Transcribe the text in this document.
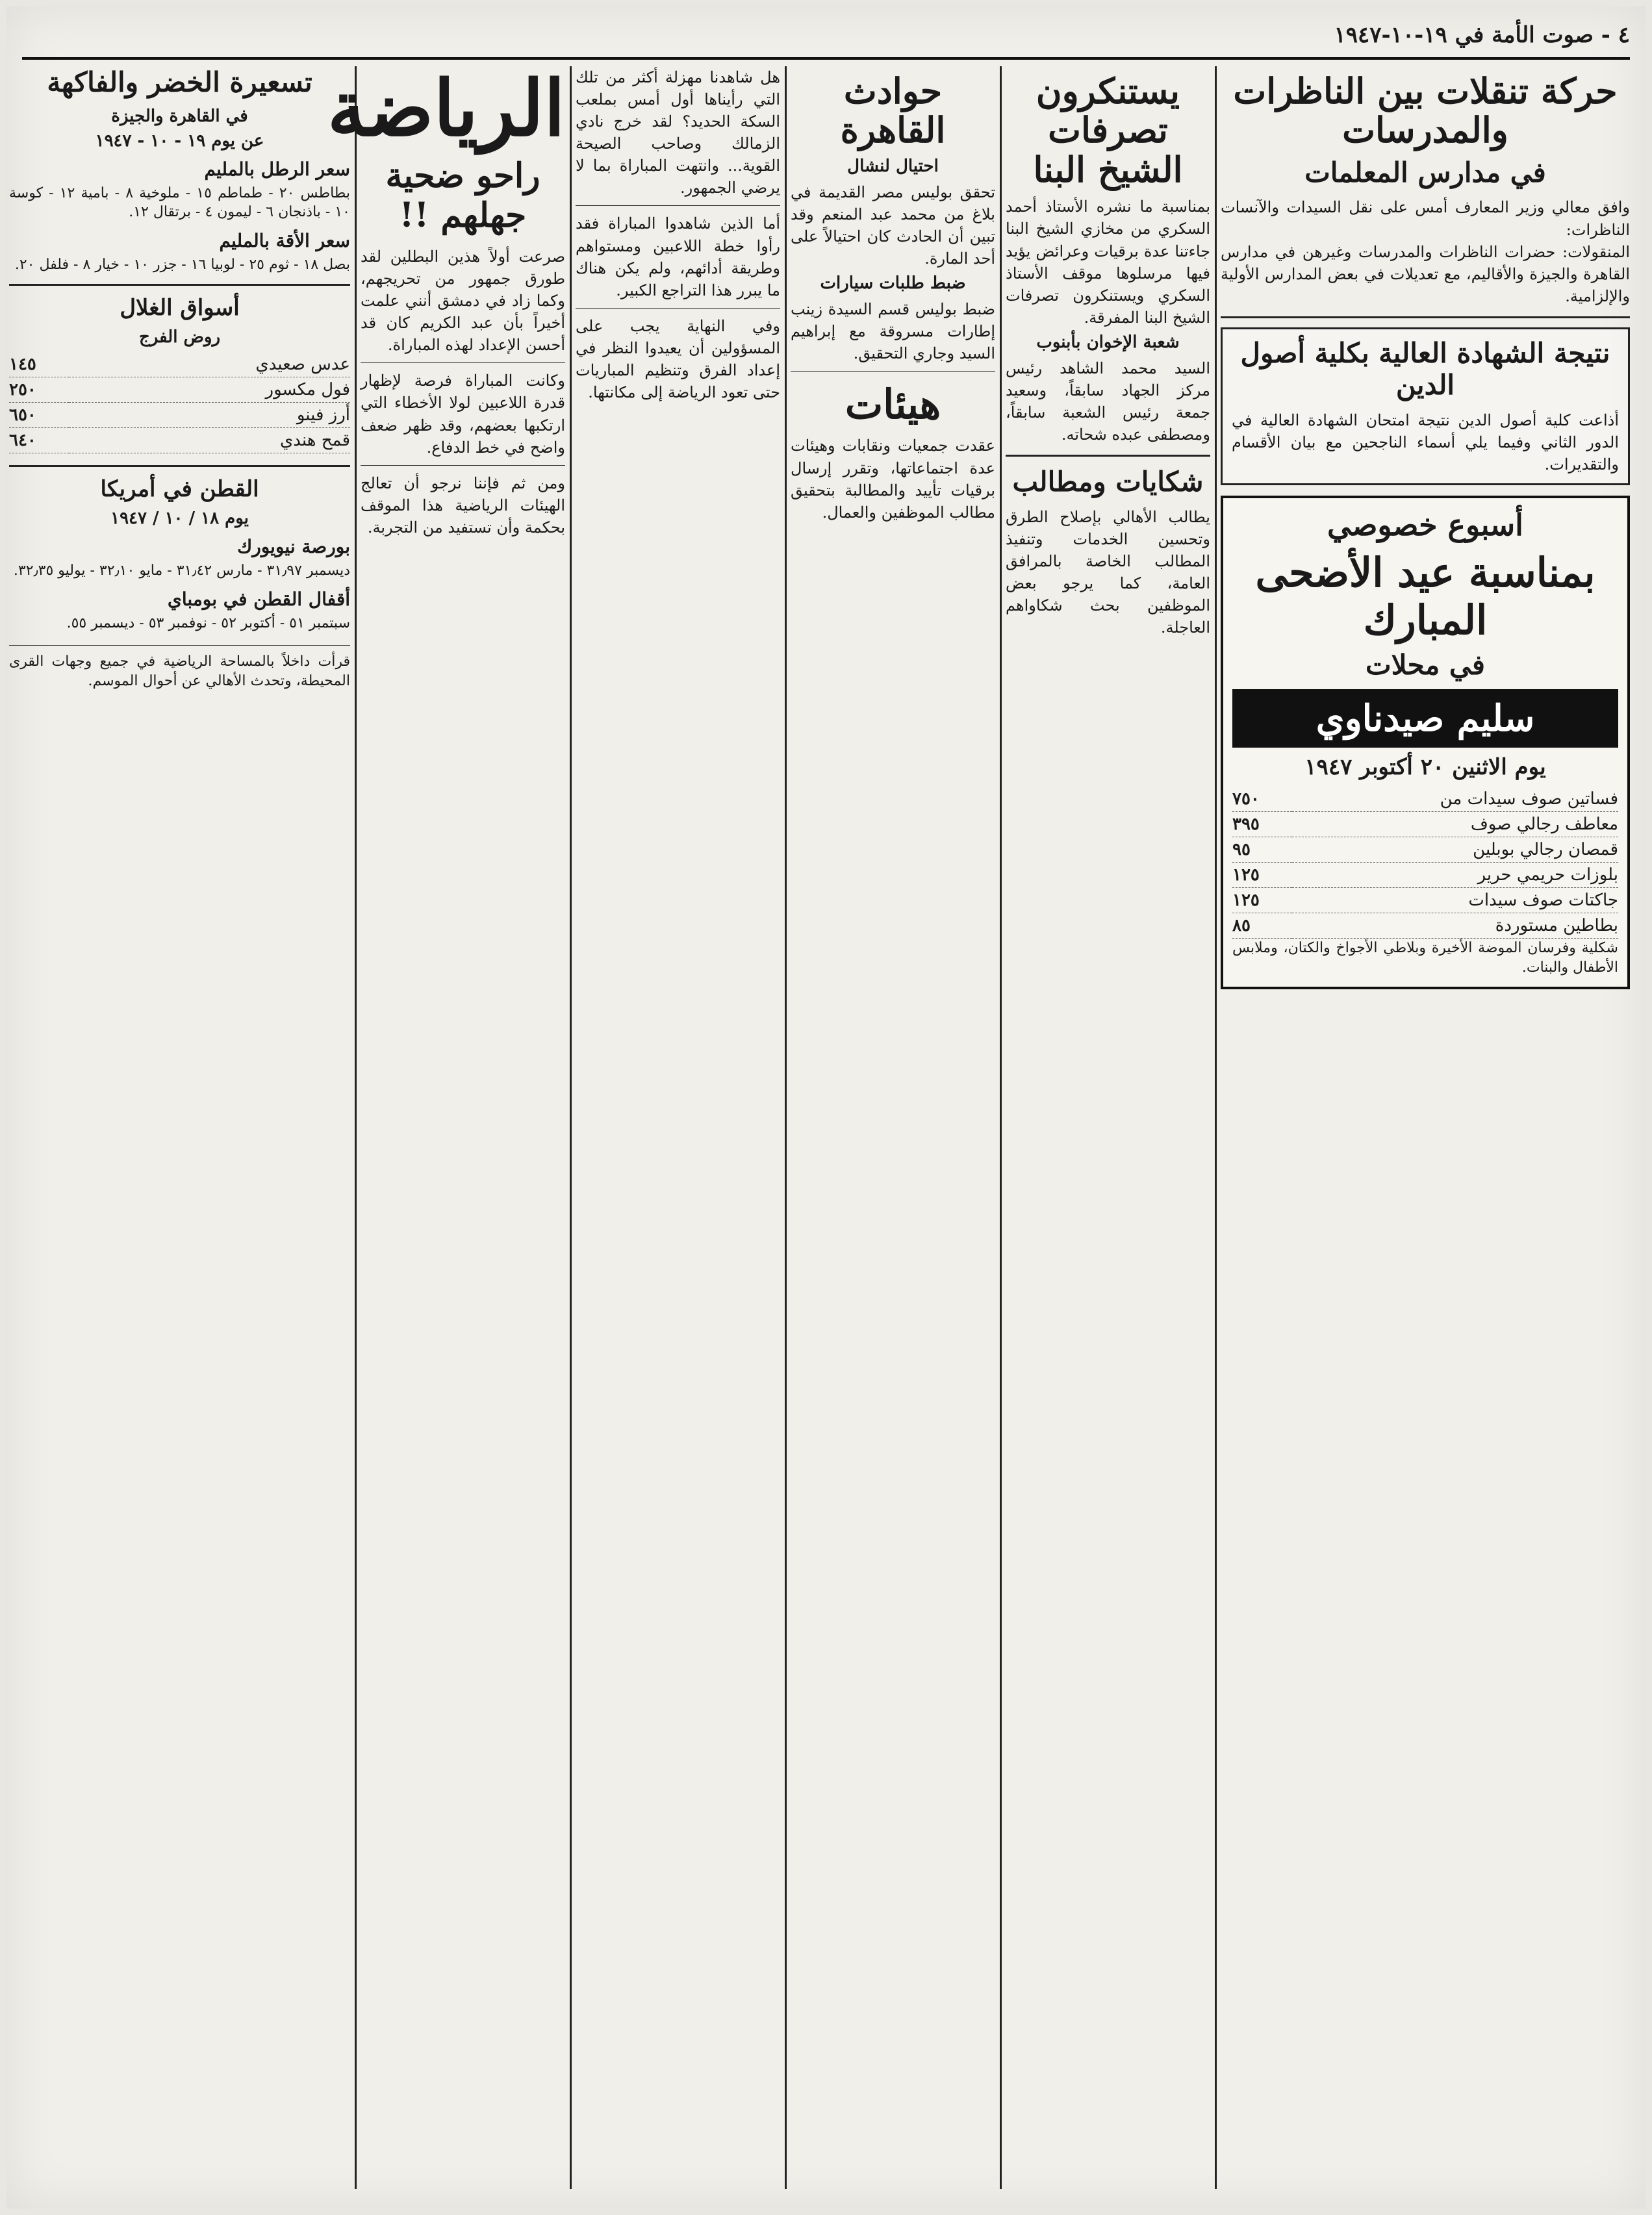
٤ - صوت الأمة في ١٩-١٠-١٩٤٧
حركة تنقلات بين الناظرات والمدرسات
في مدارس المعلمات
وافق معالي وزير المعارف أمس على نقل السيدات والآنسات الناظرات:
المنقولات: حضرات الناظرات والمدرسات وغيرهن في مدارس القاهرة والجيزة والأقاليم، مع تعديلات في بعض المدارس الأولية والإلزامية.
نتيجة الشهادة العالية بكلية أصول الدين
أذاعت كلية أصول الدين نتيجة امتحان الشهادة العالية في الدور الثاني وفيما يلي أسماء الناجحين مع بيان الأقسام والتقديرات.
أسبوع خصوصي
بمناسبة عيد الأضحى المبارك
في محلات
سليم صيدناوي
يوم الاثنين ٢٠ أكتوبر ١٩٤٧
فساتين صوف سيدات من	٧٥٠
معاطف رجالي صوف	٣٩٥
قمصان رجالي بوبلين	٩٥
بلوزات حريمي حرير	١٢٥
جاكتات صوف سيدات	١٢٥
بطاطين مستوردة	٨٥
شكلية وفرسان الموضة الأخيرة وبلاطي الأجواخ والكتان، وملابس الأطفال والبنات.
يستنكرون تصرفات الشيخ البنا
بمناسبة ما نشره الأستاذ أحمد السكري من مخازي الشيخ البنا جاءتنا عدة برقيات وعرائض يؤيد فيها مرسلوها موقف الأستاذ السكري ويستنكرون تصرفات الشيخ البنا المفرقة.
شعبة الإخوان بأبنوب
السيد محمد الشاهد رئيس مركز الجهاد سابقاً، وسعيد جمعة رئيس الشعبة سابقاً، ومصطفى عبده شحاته.
شكايات ومطالب
يطالب الأهالي بإصلاح الطرق وتحسين الخدمات وتنفيذ المطالب الخاصة بالمرافق العامة، كما يرجو بعض الموظفين بحث شكاواهم العاجلة.
حوادث القاهرة
احتيال لنشال
تحقق بوليس مصر القديمة في بلاغ من محمد عبد المنعم وقد تبين أن الحادث كان احتيالاً على أحد المارة.
ضبط طلبات سيارات
ضبط بوليس قسم السيدة زينب إطارات مسروقة مع إبراهيم السيد وجاري التحقيق.
هيئات
عقدت جمعيات ونقابات وهيئات عدة اجتماعاتها، وتقرر إرسال برقيات تأييد والمطالبة بتحقيق مطالب الموظفين والعمال.
هل شاهدنا مهزلة أكثر من تلك التي رأيناها أول أمس بملعب السكة الحديد؟ لقد خرج نادي الزمالك وصاحب الصيحة القوية... وانتهت المباراة بما لا يرضي الجمهور.
أما الذين شاهدوا المباراة فقد رأوا خطة اللاعبين ومستواهم وطريقة أدائهم، ولم يكن هناك ما يبرر هذا التراجع الكبير.
وفي النهاية يجب على المسؤولين أن يعيدوا النظر في إعداد الفرق وتنظيم المباريات حتى تعود الرياضة إلى مكانتها.
الرياضة
راحو ضحية جهلهم !!
صرعت أولاً هذين البطلين لقد طورق جمهور من تحريجهم، وكما زاد في دمشق أنني علمت أخيراً بأن عبد الكريم كان قد أحسن الإعداد لهذه المباراة.
وكانت المباراة فرصة لإظهار قدرة اللاعبين لولا الأخطاء التي ارتكبها بعضهم، وقد ظهر ضعف واضح في خط الدفاع.
ومن ثم فإننا نرجو أن تعالج الهيئات الرياضية هذا الموقف بحكمة وأن تستفيد من التجربة.
تسعيرة الخضر والفاكهة
في القاهرة والجيزة
عن يوم ١٩ - ١٠ - ١٩٤٧
سعر الرطل بالمليم
بطاطس ٢٠ - طماطم ١٥ - ملوخية ٨ - بامية ١٢ - كوسة ١٠ - باذنجان ٦ - ليمون ٤ - برتقال ١٢.
سعر الأقة بالمليم
بصل ١٨ - ثوم ٢٥ - لوبيا ١٦ - جزر ١٠ - خيار ٨ - فلفل ٢٠.
أسواق الغلال
روض الفرج
عدس صعيدي	١٤٥
فول مكسور	٢٥٠
أرز فينو	٦٥٠
قمح هندي	٦٤٠
القطن في أمريكا
يوم ١٨ / ١٠ / ١٩٤٧
بورصة نيويورك
ديسمبر ٣١٫٩٧ - مارس ٣١٫٤٢ - مايو ٣٢٫١٠ - يوليو ٣٢٫٣٥.
أقفال القطن في بومباي
سبتمبر ٥١ - أكتوبر ٥٢ - نوفمبر ٥٣ - ديسمبر ٥٥.
قرأت داخلاً بالمساحة الرياضية في جميع وجهات القرى المحيطة، وتحدث الأهالي عن أحوال الموسم.
